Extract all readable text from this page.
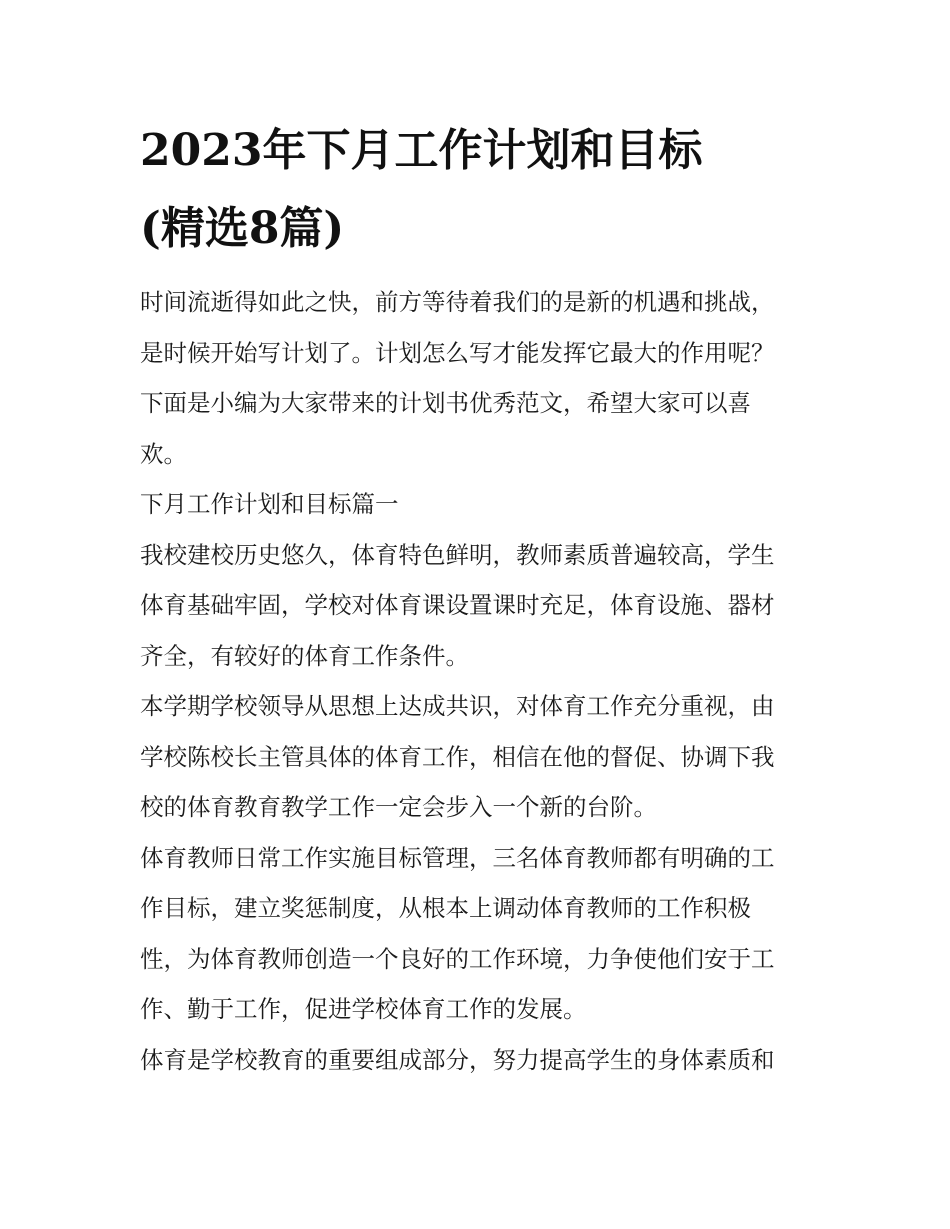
2023年下月工作计划和目标
(精选8篇)
时间流逝得如此之快，前方等待着我们的是新的机遇和挑战，
是时候开始写计划了。计划怎么写才能发挥它最大的作用呢？
下面是小编为大家带来的计划书优秀范文，希望大家可以喜
欢。
下月工作计划和目标篇一
我校建校历史悠久，体育特色鲜明，教师素质普遍较高，学生
体育基础牢固，学校对体育课设置课时充足，体育设施、器材
齐全，有较好的体育工作条件。
本学期学校领导从思想上达成共识，对体育工作充分重视，由
学校陈校长主管具体的体育工作，相信在他的督促、协调下我
校的体育教育教学工作一定会步入一个新的台阶。
体育教师日常工作实施目标管理，三名体育教师都有明确的工
作目标，建立奖惩制度，从根本上调动体育教师的工作积极
性，为体育教师创造一个良好的工作环境，力争使他们安于工
作、勤于工作，促进学校体育工作的发展。
体育是学校教育的重要组成部分，努力提高学生的身体素质和
